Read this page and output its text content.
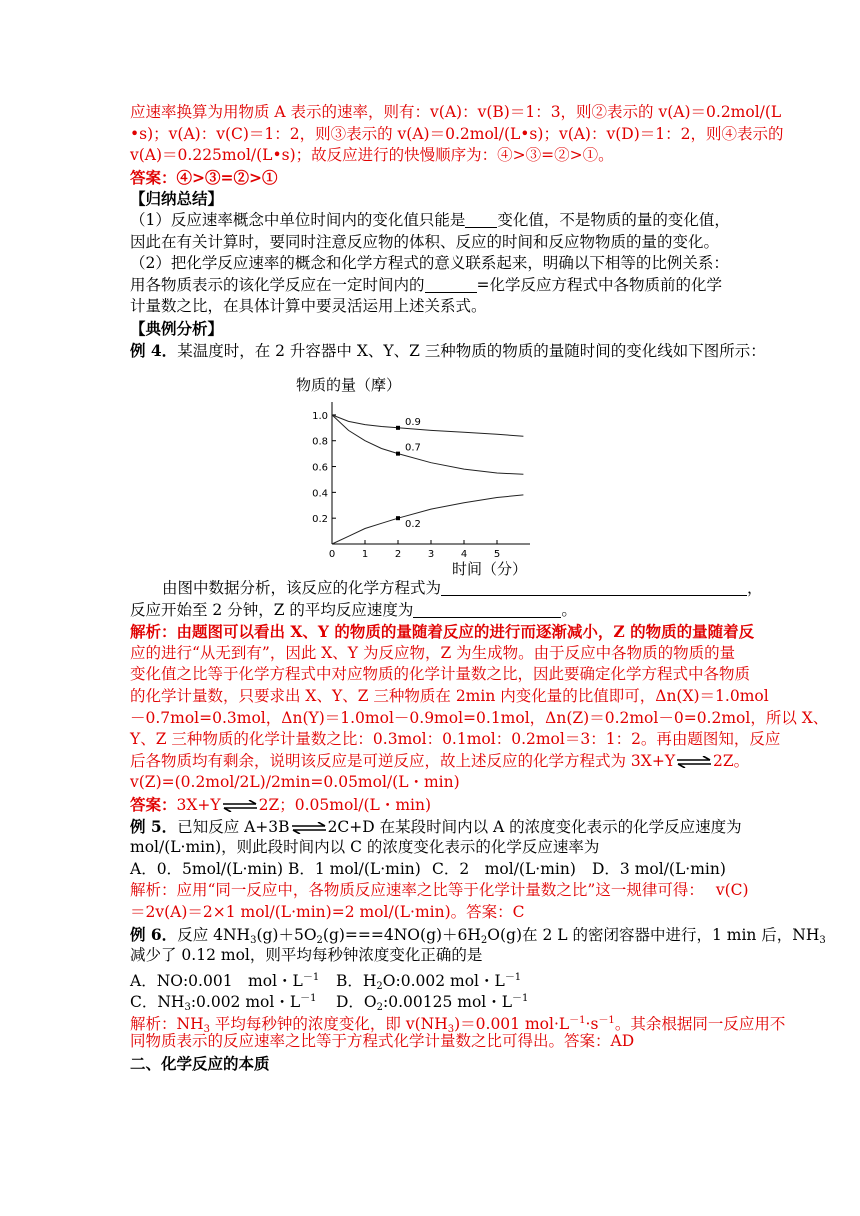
应速率换算为用物质 A 表示的速率，则有：v(A)：v(B)＝1：3，则②表示的 v(A)＝0.2mol/(L
•s)；v(A)：v(C)＝1：2，则③表示的 v(A)＝0.2mol/(L•s)；v(A)：v(D)＝1：2，则④表示的
v(A)＝0.225mol/(L•s)；故反应进行的快慢顺序为：④>③=②>①。
答案：④>③=②>①
【归纳总结】
（1）反应速率概念中单位时间内的变化值只能是 变化值，不是物质的量的变化值，
因此在有关计算时，要同时注意反应物的体积、反应的时间和反应物物质的量的变化。
（2）把化学反应速率的概念和化学方程式的意义联系起来，明确以下相等的比例关系：
用各物质表示的该化学反应在一定时间内的	=化学反应方程式中各物质前的化学
计量数之比，在具体计算中要灵活运用上述关系式。
【典例分析】
例 4．某温度时，在 2 升容器中 X、Y、Z 三种物质的物质的量随时间的变化线如下图所示：
物质的量（摩）
0.2
0.4
0.6
0.8
1.0
0	1	2	3	4	5
时间（分）
0.9
0.7
0.2
由图中数据分析，该反应的化学方程式为	，
反应开始至 2 分钟，Z 的平均反应速度为	。
解析：由题图可以看出 X、Y 的物质的量随着反应的进行而逐渐减小，Z 的物质的量随着反
应的进行“从无到有”，因此 X、Y 为反应物，Z 为生成物。由于反应中各物质的物质的量
变化值之比等于化学方程式中对应物质的化学计量数之比，因此要确定化学方程式中各物质
的化学计量数，只要求出 X、Y、Z 三种物质在 2min 内变化量的比值即可，Δn(X)＝1.0mol
－0.7mol=0.3mol，Δn(Y)＝1.0mol－0.9mol=0.1mol，Δn(Z)＝0.2mol－0=0.2mol，所以 X、
Y、Z 三种物质的化学计量数之比：0.3mol：0.1mol：0.2mol＝3：1：2。再由题图知，反应
后各物质均有剩余，说明该反应是可逆反应，故上述反应的化学方程式为 3X+Y⇌2Z。
v(Z)=(0.2mol/2L)/2min=0.05mol/(L・min)
答案：3X+Y⇌2Z；0.05mol/(L・min)
例 5．已知反应 A+3B⇌2C+D 在某段时间内以 A 的浓度变化表示的化学反应速度为
mol/(L·min)，则此段时间内以 C 的浓度变化表示的化学反应速率为
A．0．5mol/(L·min) B．1 mol/(L·min) C．2　mol/(L·min) D．3 mol/(L·min)
解析：应用“同一反应中，各物质反应速率之比等于化学计量数之比”这一规律可得： v(C)
＝2v(A)＝2×1 mol/(L·min)=2 mol/(L·min)。答案：C
例 6．反应 $4NH_3(g)+5O_2(g)===4NO(g)+6H_2O(g)$在 2 L 的密闭容器中进行，1 min 后，$NH_3$
减少了 0.12 mol，则平均每秒钟浓度变化正确的是
A．NO:0.001　mol・$L^{-1}$ B．$H_2O:0.002$ mol・$L^{-1}$
C．$NH_3:0.002$ mol・$L^{-1}$ D．$O_2:0.00125$ mol・$L^{-1}$
解析：$NH_3$ 平均每秒钟的浓度变化，即 $v(NH_3)=0.001$ $mol\cdot L^{-1}\cdot s^{-1}$。其余根据同一反应用不
同物质表示的反应速率之比等于方程式化学计量数之比可得出。答案：AD
二、化学反应的本质
